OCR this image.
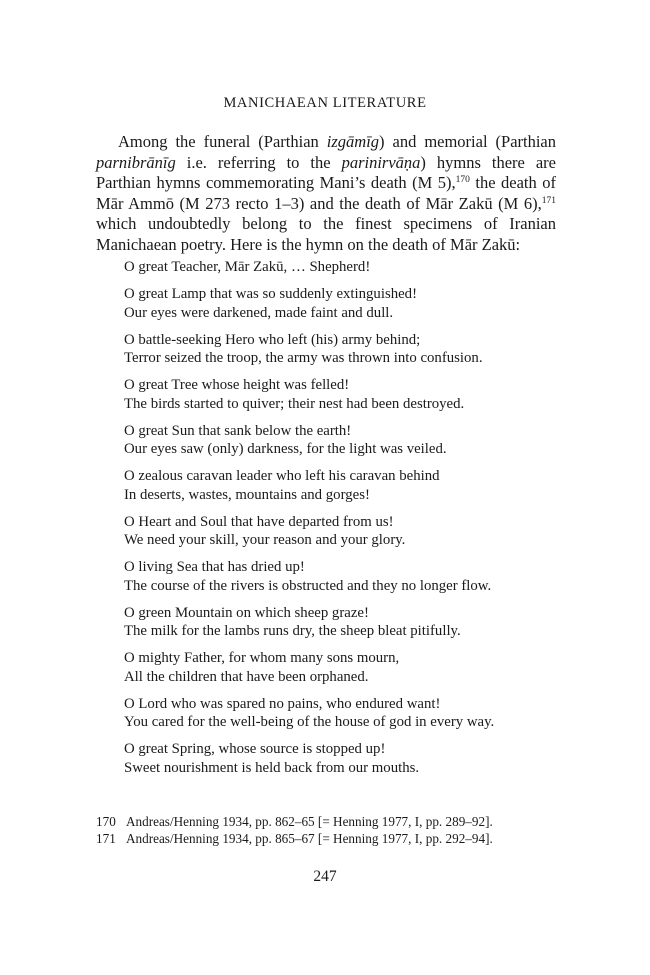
MANICHAEAN LITERATURE

Among the funeral (Parthian izgāmīg) and memorial (Parthian parnibrānīg i.e. referring to the parinirvāṇa) hymns there are Parthian hymns commemorating Mani’s death (M 5),$^{170}$ the death of Mār Ammō (M 273 recto 1–3) and the death of Mār Zakū (M 6),$^{171}$ which undoubtedly belong to the finest specimens of Iranian Manichaean poetry. Here is the hymn on the death of Mār Zakū:

O great Teacher, Mār Zakū, … Shepherd!
O great Lamp that was so suddenly extinguished!
Our eyes were darkened, made faint and dull.
O battle-seeking Hero who left (his) army behind;
Terror seized the troop, the army was thrown into confusion.
O great Tree whose height was felled!
The birds started to quiver; their nest had been destroyed.
O great Sun that sank below the earth!
Our eyes saw (only) darkness, for the light was veiled.
O zealous caravan leader who left his caravan behind
In deserts, wastes, mountains and gorges!
O Heart and Soul that have departed from us!
We need your skill, your reason and your glory.
O living Sea that has dried up!
The course of the rivers is obstructed and they no longer flow.
O green Mountain on which sheep graze!
The milk for the lambs runs dry, the sheep bleat pitifully.
O mighty Father, for whom many sons mourn,
All the children that have been orphaned.
O Lord who was spared no pains, who endured want!
You cared for the well-being of the house of god in every way.
O great Spring, whose source is stopped up!
Sweet nourishment is held back from our mouths.
170 Andreas/Henning 1934, pp. 862–65 [= Henning 1977, I, pp. 289–92].
171 Andreas/Henning 1934, pp. 865–67 [= Henning 1977, I, pp. 292–94].
247
